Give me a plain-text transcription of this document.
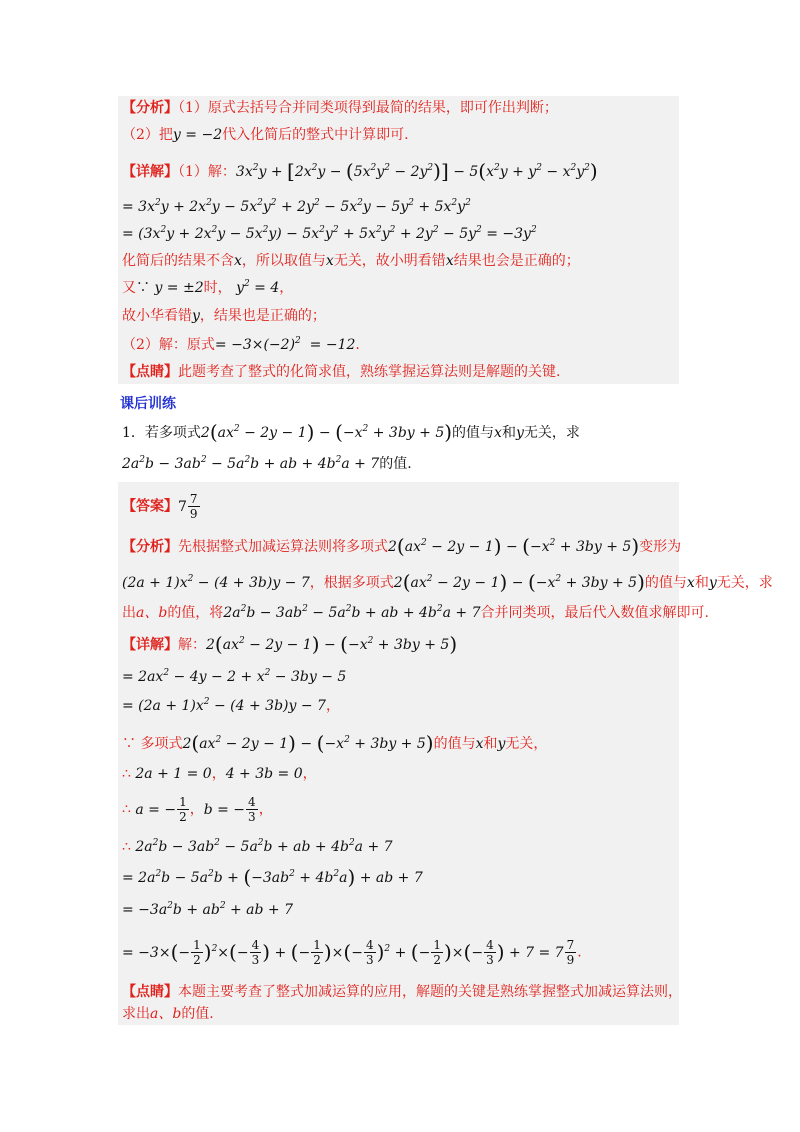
【分析】（1）原式去括号合并同类项得到最简的结果，即可作出判断；
（2）把y = −2代入化简后的整式中计算即可.
【详解】（1）解：$3x^2y + [2x^2y - (5x^2y^2 - 2y^2)] - 5(x^2y + y^2 - x^2y^2)$
= $3x^2y + 2x^2y - 5x^2y^2 + 2y^2 - 5x^2y - 5y^2 + 5x^2y^2$
= $(3x^2y + 2x^2y - 5x^2y) - 5x^2y^2 + 5x^2y^2 + 2y^2 - 5y^2 = -3y^2$
化简后的结果不含x，所以取值与x无关，故小明看错x结果也会是正确的；
又∵ y = ±2时， $y^2 = 4$，
故小华看错y，结果也是正确的；
（2）解：原式= $-3\times(-2)^2 = -12$.
【点睛】此题考查了整式的化简求值，熟练掌握运算法则是解题的关键.
课后训练
1．若多项式$2(ax^2 - 2y - 1) - (-x^2 + 3by + 5)$的值与x和y无关，求
$2a^2b - 3ab^2 - 5a^2b$ + ab + $4b^2a + 7$的值.
【答案】$7 \frac{7}{9}$
【分析】先根据整式加减运算法则将多项式$2(ax^2 - 2y - 1) - (-x^2 + 3by + 5)$变形为
$(2a + 1)x^2 - (4 + 3b)y - 7$，根据多项式$2(ax^2 - 2y - 1) - (-x^2 + 3by + 5)$的值与x和y无关，求
出a、b的值，将$2a^2b - 3ab^2 - 5a^2b$ + ab + $4b^2a + 7$合并同类项，最后代入数值求解即可.
【详解】解：$2(ax^2 - 2y - 1) - (-x^2 + 3by + 5)$
= $2ax^2 - 4y - 2 + x^2 - 3by - 5$
= $(2a + 1)x^2 - (4 + 3b)y - 7$，
∵ 多项式$2(ax^2 - 2y - 1) - (-x^2 + 3by + 5)$的值与x和y无关，
∴ 2a + 1 = 0，4 + 3b = 0，
∴ a = − $\frac{1}{2}$ ，b = − $\frac{4}{3}$ ，
∴ $2a^2b - 3ab^2 - 5a^2b$ + ab + $4b^2a + 7$
= $2a^2b - 5a^2b + (-3ab^2 + 4b^2a)$ + ab + 7
= $-3a^2b + ab^2$ + ab + 7
= $-3\times(- \frac{1}{2} )^2\times(- \frac{4}{3}$ ) + (− $\frac{1}{2}$ )×(− $\frac{4}{3} )^2$ + (− $\frac{1}{2}$ )×(− $\frac{4}{3}$ ) + $7 = 7 \frac{7}{9}$ .
【点睛】本题主要考查了整式加减运算的应用，解题的关键是熟练掌握整式加减运算法则，
求出a、b的值.
